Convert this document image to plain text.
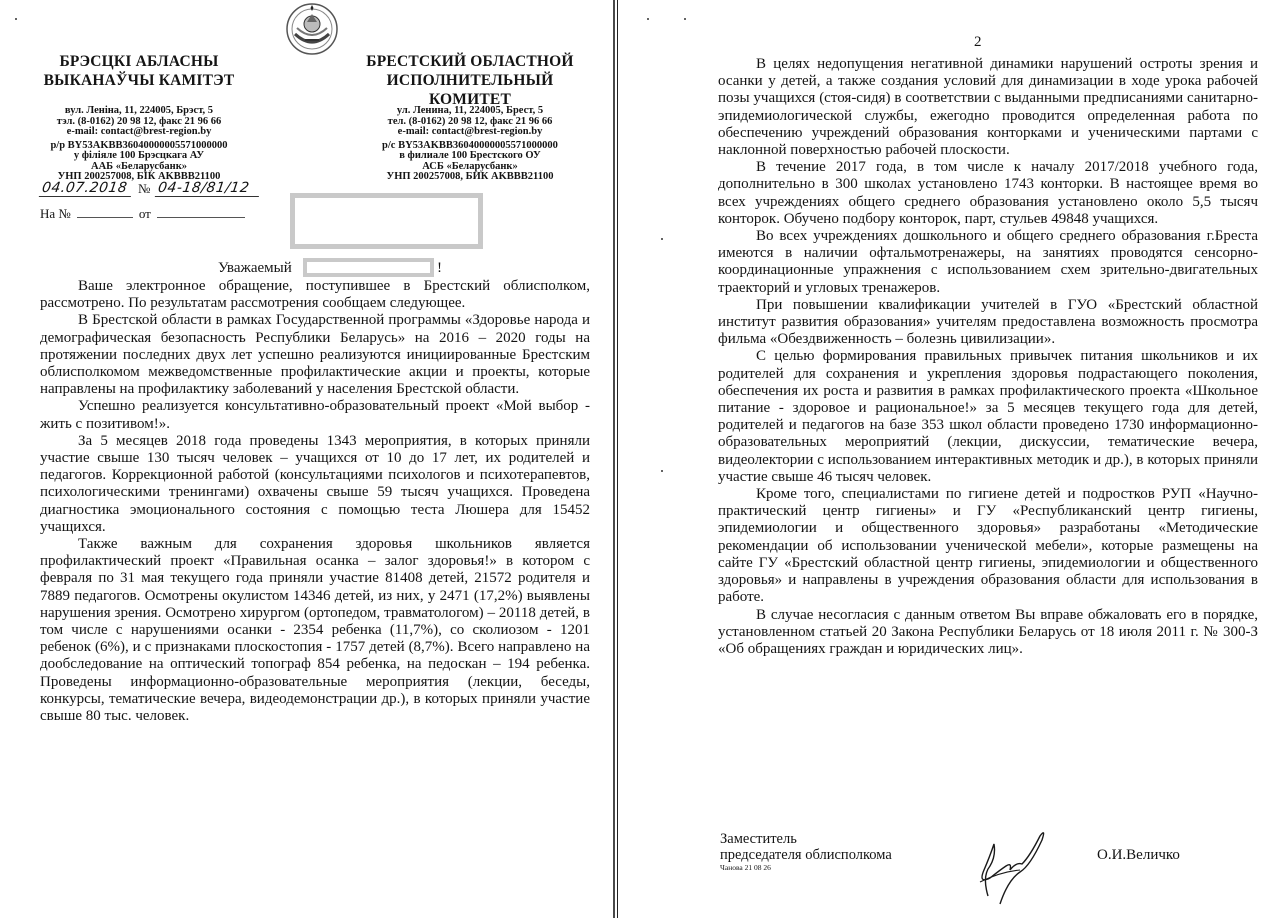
БРЭСЦКІ АБЛАСНЫ
ВЫКАНАЎЧЫ КАМІТЭТ
БРЕСТСКИЙ ОБЛАСТНОЙ
ИСПОЛНИТЕЛЬНЫЙ КОМИТЕТ
вул. Леніна, 11, 224005, Брэст, 5
тэл. (8-0162) 20 98 12, факс 21 96 66
e-mail: contact@brest-region.by
р/р BY53AKBB36040000005571000000
у філіяле 100 Брэсцкага АУ
ААБ «Беларусбанк»
УНП 200257008, БІК AKBBB21100
ул. Ленина, 11, 224005, Брест, 5
тел. (8-0162) 20 98 12, факс 21 96 66
e-mail: contact@brest-region.by
р/с BY53AKBB36040000005571000000
в филиале 100 Брестского ОУ
АСБ «Беларусбанк»
УНП 200257008, БИК AKBBB21100
04.07.2018 № 04-18/81/12
На №	от
Уважаемый	!

Ваше электронное обращение, поступившее в Брестский облисполком, рассмотрено. По результатам рассмотрения сообщаем следующее.

В Брестской области в рамках Государственной программы «Здоровье народа и демографическая безопасность Республики Беларусь» на 2016 – 2020 годы на протяжении последних двух лет успешно реализуются инициированные Брестским облисполкомом межведомственные профилактические акции и проекты, которые направлены на профилактику заболеваний у населения Брестской области.

Успешно реализуется консультативно-образовательный проект «Мой выбор - жить с позитивом!».

За 5 месяцев 2018 года проведены 1343 мероприятия, в которых приняли участие свыше 130 тысяч человек – учащихся от 10 до 17 лет, их родителей и педагогов. Коррекционной работой (консультациями психологов и психотерапевтов, психологическими тренингами) охвачены свыше 59 тысяч учащихся. Проведена диагностика эмоционального состояния с помощью теста Люшера для 15452 учащихся.

Также важным для сохранения здоровья школьников является профилактический проект «Правильная осанка – залог здоровья!» в котором с февраля по 31 мая текущего года приняли участие 81408 детей, 21572 родителя и 7889 педагогов. Осмотрены окулистом 14346 детей, из них, у 2471 (17,2%) выявлены нарушения зрения. Осмотрено хирургом (ортопедом, травматологом) – 20118 детей, в том числе с нарушениями осанки - 2354 ребенка (11,7%), со сколиозом - 1201 ребенок (6%), и с признаками плоскостопия - 1757 детей (8,7%). Всего направлено на дообследование на оптический топограф 854 ребенка, на педоскан – 194 ребенка. Проведены информационно-образовательные мероприятия (лекции, беседы, конкурсы, тематические вечера, видеодемонстрации др.), в которых приняли участие свыше 80 тыс. человек.

2

В целях недопущения негативной динамики нарушений остроты зрения и осанки у детей, а также создания условий для динамизации в ходе урока рабочей позы учащихся (стоя-сидя) в соответствии с выданными предписаниями санитарно-эпидемиологической службы, ежегодно проводится определенная работа по обеспечению учреждений образования конторками и ученическими партами с наклонной поверхностью рабочей плоскости.

В течение 2017 года, в том числе к началу 2017/2018 учебного года, дополнительно в 300 школах установлено 1743 конторки. В настоящее время во всех учреждениях общего среднего образования установлено около 5,5 тысяч конторок. Обучено подбору конторок, парт, стульев 49848 учащихся.

Во всех учреждениях дошкольного и общего среднего образования г.Бреста имеются в наличии офтальмотренажеры, на занятиях проводятся сенсорно-координационные упражнения с использованием схем зрительно-двигательных траекторий и угловых тренажеров.

При повышении квалификации учителей в ГУО «Брестский областной институт развития образования» учителям предоставлена возможность просмотра фильма «Обездвиженность – болезнь цивилизации».

С целью формирования правильных привычек питания школьников и их родителей для сохранения и укрепления здоровья подрастающего поколения, обеспечения их роста и развития в рамках профилактического проекта «Школьное питание - здоровое и рациональное!» за 5 месяцев текущего года для детей, родителей и педагогов на базе 353 школ области проведено 1730 информационно-образовательных мероприятий (лекции, дискуссии, тематические вечера, видеолектории с использованием интерактивных методик и др.), в которых приняли участие свыше 46 тысяч человек.

Кроме того, специалистами по гигиене детей и подростков РУП «Научно-практический центр гигиены» и ГУ «Республиканский центр гигиены, эпидемиологии и общественного здоровья» разработаны «Методические рекомендации об использовании ученической мебели», которые размещены на сайте ГУ «Брестский областной центр гигиены, эпидемиологии и общественного здоровья» и направлены в учреждения образования области для использования в работе.

В случае несогласия с данным ответом Вы вправе обжаловать его в порядке, установленном статьей 20 Закона Республики Беларусь от 18 июля 2011 г. № 300-З «Об обращениях граждан и юридических лиц».

Заместитель
председателя облисполкома
Чанова 21 08 26
О.И.Величко
